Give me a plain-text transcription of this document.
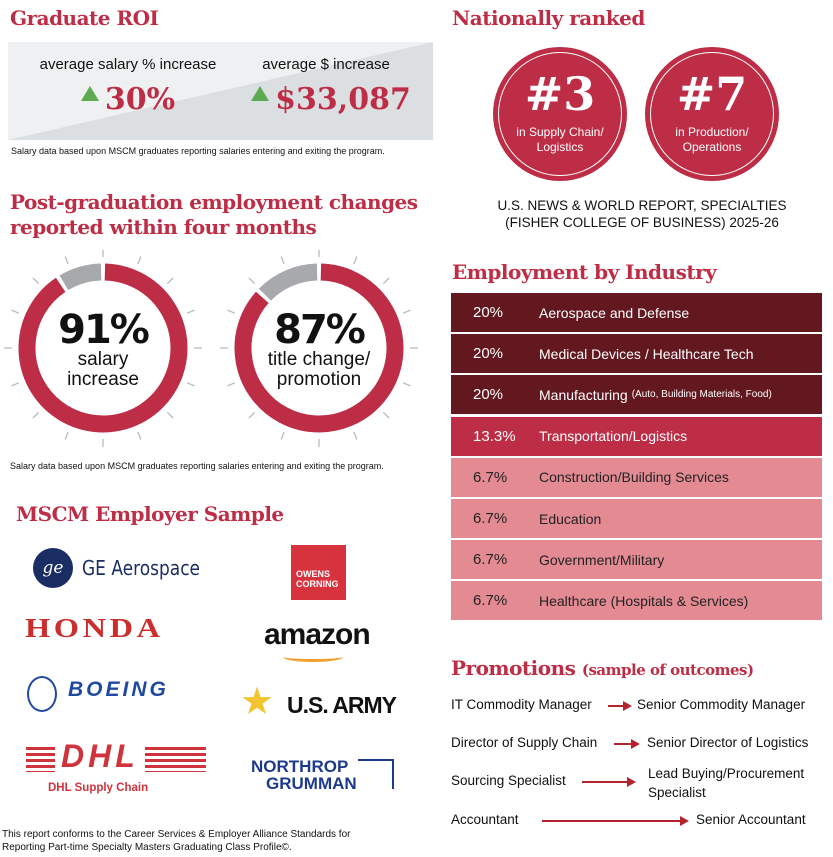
Graduate ROI
average salary % increase	average $ increase
30%	$33,087
Salary data based upon MSCM graduates reporting salaries entering and exiting the program.
Post-graduation employment changes
reported within four months
91%
salary
increase
87%
title change/
promotion
Salary data based upon MSCM graduates reporting salaries entering and exiting the program.
MSCM Employer Sample
ge GE Aerospace	OWENS CORNING
HONDA	amazon
BOEING ★ U.S. ARMY
DHL
DHL Supply Chain
NORTHROP
GRUMMAN
This report conforms to the Career Services & Employer Alliance Standards for
Reporting Part-time Specialty Masters Graduating Class Profile©.
Nationally ranked
#3
in Supply Chain/
Logistics
#7
in Production/
Operations
U.S. NEWS & WORLD REPORT, SPECIALTIES
(FISHER COLLEGE OF BUSINESS) 2025-26
Employment by Industry
20%	Aerospace and Defense
20%	Medical Devices / Healthcare Tech
20%	Manufacturing (Auto, Building Materials, Food)
13.3%	Transportation/Logistics
6.7%	Construction/Building Services
6.7%	Education
6.7%	Government/Military
6.7%	Healthcare (Hospitals & Services)
Promotions (sample of outcomes)
IT Commodity Manager	Senior Commodity Manager
Director of Supply Chain	Senior Director of Logistics
Sourcing Specialist	Lead Buying/Procurement
Specialist
Accountant	Senior Accountant
